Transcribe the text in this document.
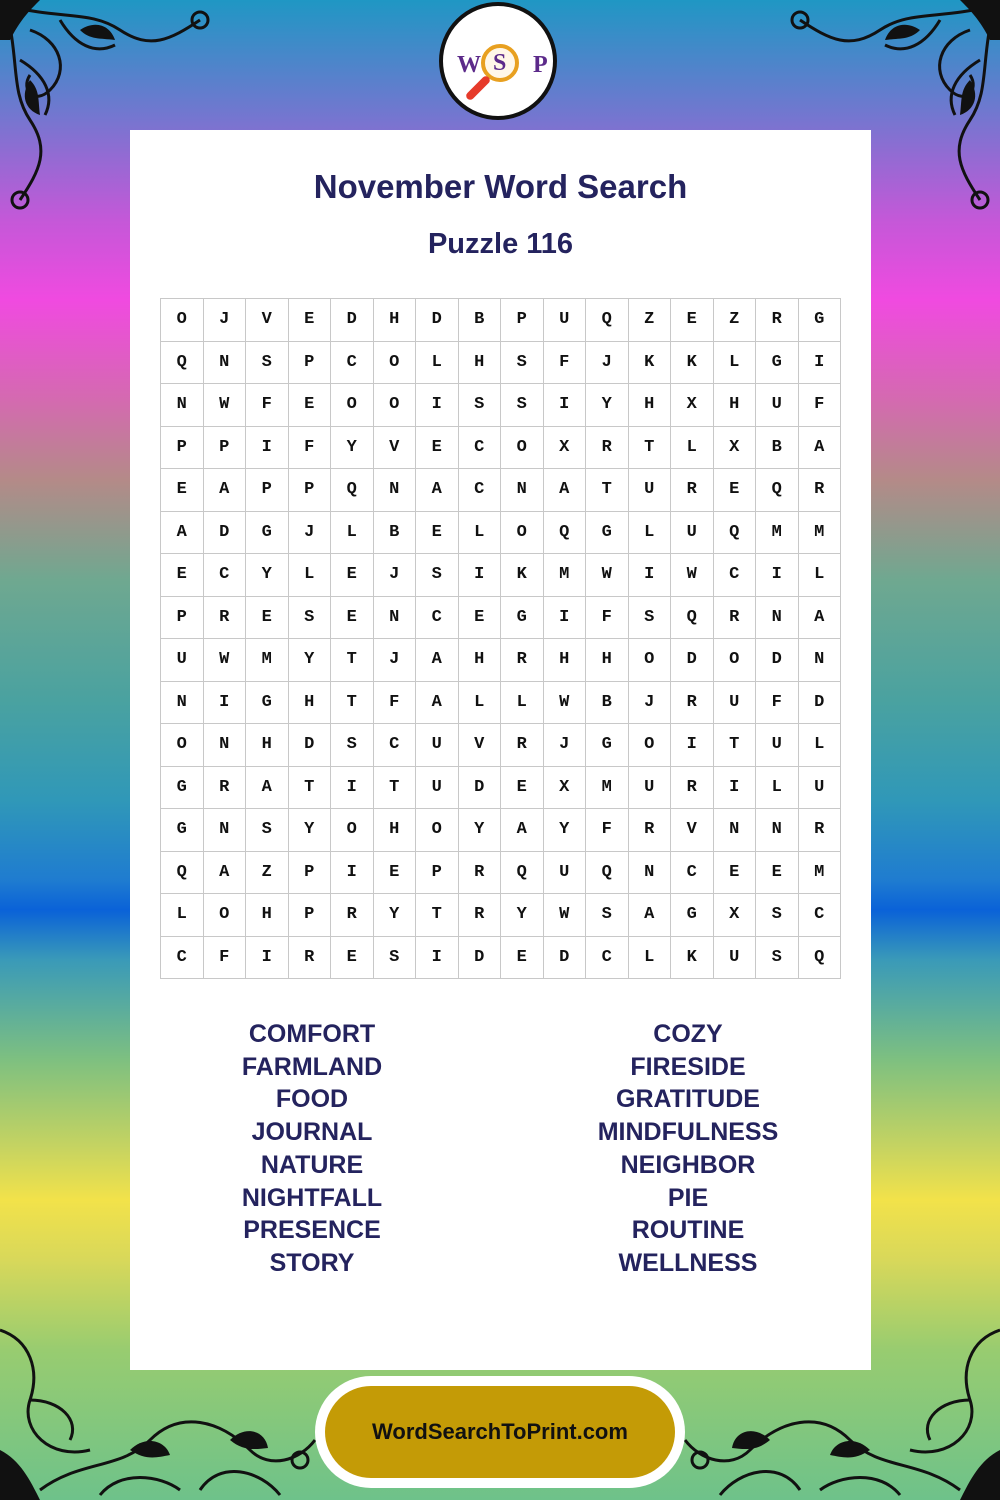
W S P
November Word Search
Puzzle 116
O	J	V	E	D	H	D	B	P	U	Q	Z	E	Z	R	G
Q	N	S	P	C	O	L	H	S	F	J	K	K	L	G	I
N	W	F	E	O	O	I	S	S	I	Y	H	X	H	U	F
P	P	I	F	Y	V	E	C	O	X	R	T	L	X	B	A
E	A	P	P	Q	N	A	C	N	A	T	U	R	E	Q	R
A	D	G	J	L	B	E	L	O	Q	G	L	U	Q	M	M
E	C	Y	L	E	J	S	I	K	M	W	I	W	C	I	L
P	R	E	S	E	N	C	E	G	I	F	S	Q	R	N	A
U	W	M	Y	T	J	A	H	R	H	H	O	D	O	D	N
N	I	G	H	T	F	A	L	L	W	B	J	R	U	F	D
O	N	H	D	S	C	U	V	R	J	G	O	I	T	U	L
G	R	A	T	I	T	U	D	E	X	M	U	R	I	L	U
G	N	S	Y	O	H	O	Y	A	Y	F	R	V	N	N	R
Q	A	Z	P	I	E	P	R	Q	U	Q	N	C	E	E	M
L	O	H	P	R	Y	T	R	Y	W	S	A	G	X	S	C
C	F	I	R	E	S	I	D	E	D	C	L	K	U	S	Q
COMFORT
FARMLAND
FOOD
JOURNAL
NATURE
NIGHTFALL
PRESENCE
STORY
COZY
FIRESIDE
GRATITUDE
MINDFULNESS
NEIGHBOR
PIE
ROUTINE
WELLNESS
WordSearchToPrint.com
